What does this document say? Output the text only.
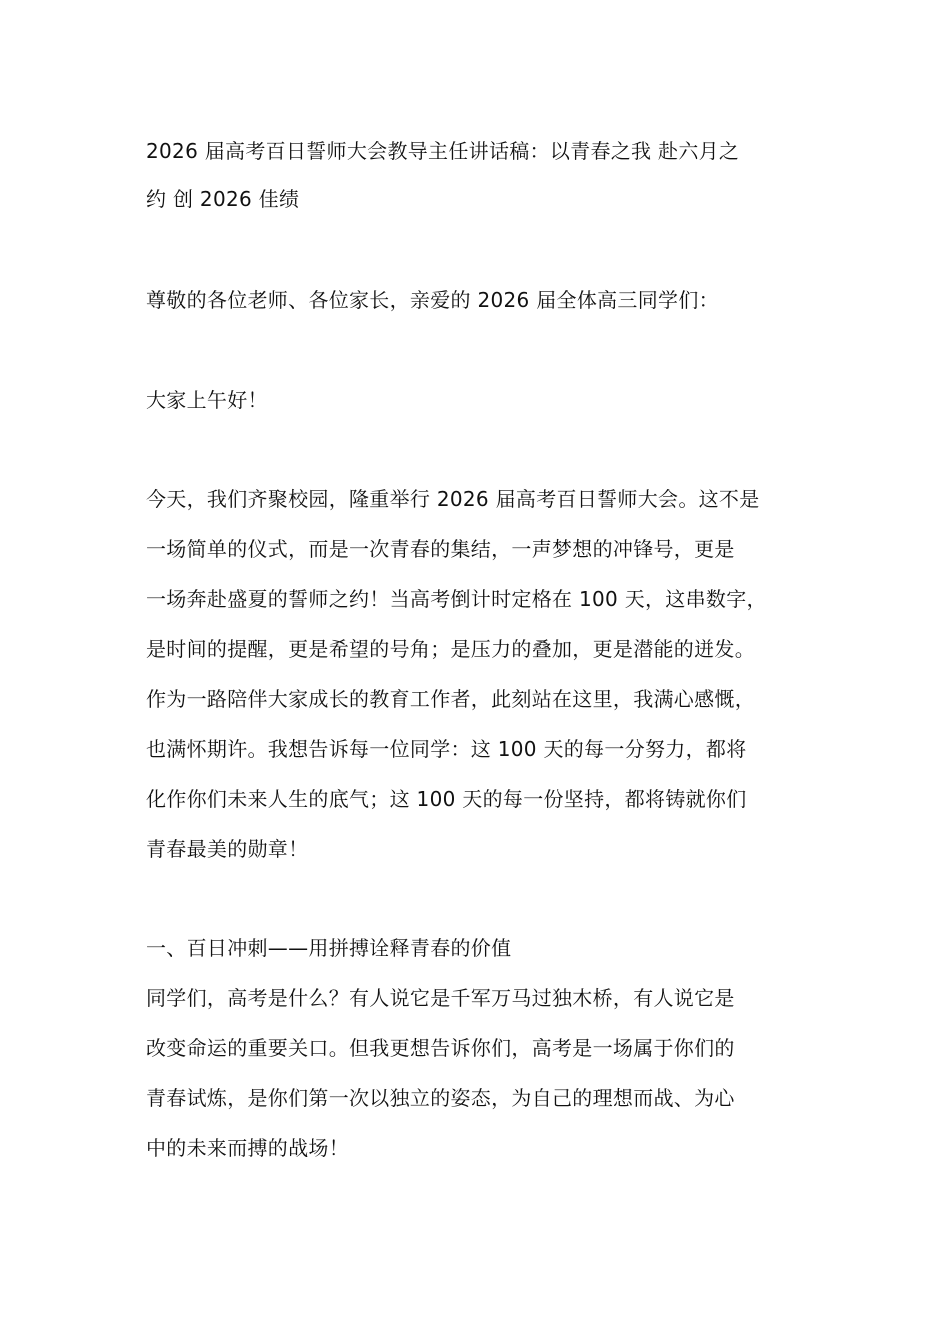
2026 届高考百日誓师大会教导主任讲话稿：以青春之我 赴六月之
约 创 2026 佳绩
尊敬的各位老师、各位家长，亲爱的 2026 届全体高三同学们：
大家上午好！
今天，我们齐聚校园，隆重举行 2026 届高考百日誓师大会。这不是
一场简单的仪式，而是一次青春的集结，一声梦想的冲锋号，更是
一场奔赴盛夏的誓师之约！当高考倒计时定格在 100 天，这串数字，
是时间的提醒，更是希望的号角；是压力的叠加，更是潜能的迸发。
作为一路陪伴大家成长的教育工作者，此刻站在这里，我满心感慨，
也满怀期许。我想告诉每一位同学：这 100 天的每一分努力，都将
化作你们未来人生的底气；这 100 天的每一份坚持，都将铸就你们
青春最美的勋章！
一、百日冲刺——用拼搏诠释青春的价值
同学们，高考是什么？有人说它是千军万马过独木桥，有人说它是
改变命运的重要关口。但我更想告诉你们，高考是一场属于你们的
青春试炼，是你们第一次以独立的姿态，为自己的理想而战、为心
中的未来而搏的战场！
